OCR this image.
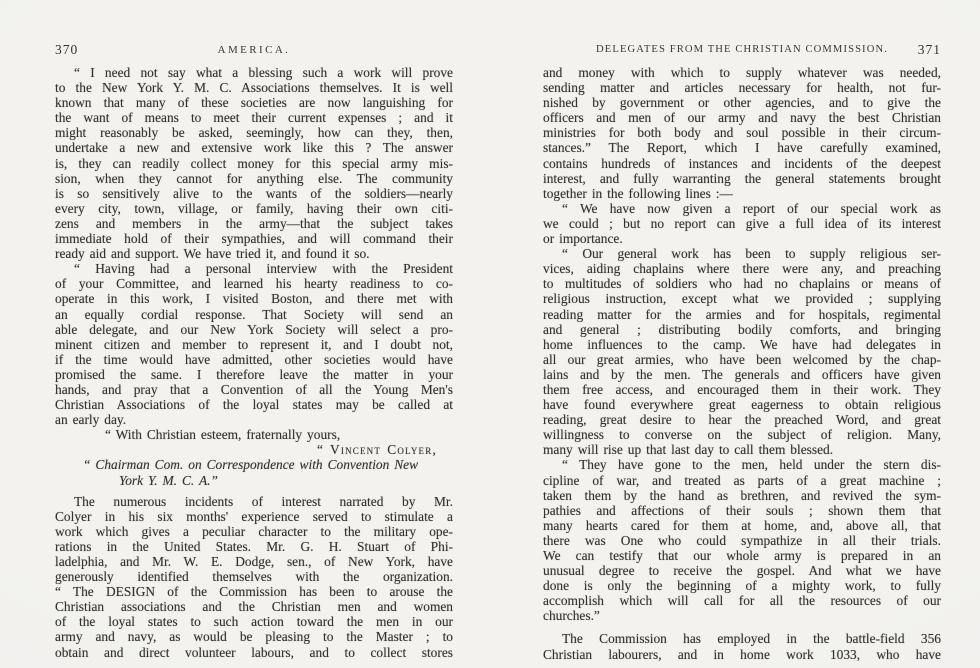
370	AMERICA.
“ I need not say what a blessing such a work will prove
to the New York Y. M. C. Associations themselves. It is well
known that many of these societies are now languishing for
the want of means to meet their current expenses ; and it
might reasonably be asked, seemingly, how can they, then,
undertake a new and extensive work like this ? The answer
is, they can readily collect money for this special army mis-
sion, when they cannot for anything else. The community
is so sensitively alive to the wants of the soldiers—nearly
every city, town, village, or family, having their own citi-
zens and members in the army—that the subject takes
immediate hold of their sympathies, and will command their
ready aid and support. We have tried it, and found it so.
“ Having had a personal interview with the President
of your Committee, and learned his hearty readiness to co-
operate in this work, I visited Boston, and there met with
an equally cordial response. That Society will send an
able delegate, and our New York Society will select a pro-
minent citizen and member to represent it, and I doubt not,
if the time would have admitted, other societies would have
promised the same. I therefore leave the matter in your
hands, and pray that a Convention of all the Young Men's
Christian Associations of the loyal states may be called at
an early day.
“ With Christian esteem, fraternally yours,
“ Vincent Colyer,
“ Chairman Com. on Correspondence with Convention New
York Y. M. C. A.”
The numerous incidents of interest narrated by Mr.
Colyer in his six months' experience served to stimulate a
work which gives a peculiar character to the military ope-
rations in the United States. Mr. G. H. Stuart of Phi-
ladelphia, and Mr. W. E. Dodge, sen., of New York, have
generously identified themselves with the organization.
“ The DESIGN of the Commission has been to arouse the
Christian associations and the Christian men and women
of the loyal states to such action toward the men in our
army and navy, as would be pleasing to the Master ; to
obtain and direct volunteer labours, and to collect stores
DELEGATES FROM THE CHRISTIAN COMMISSION.	371
and money with which to supply whatever was needed,
sending matter and articles necessary for health, not fur-
nished by government or other agencies, and to give the
officers and men of our army and navy the best Christian
ministries for both body and soul possible in their circum-
stances.” The Report, which I have carefully examined,
contains hundreds of instances and incidents of the deepest
interest, and fully warranting the general statements brought
together in the following lines :—
“ We have now given a report of our special work as
we could ; but no report can give a full idea of its interest
or importance.
“ Our general work has been to supply religious ser-
vices, aiding chaplains where there were any, and preaching
to multitudes of soldiers who had no chaplains or means of
religious instruction, except what we provided ; supplying
reading matter for the armies and for hospitals, regimental
and general ; distributing bodily comforts, and bringing
home influences to the camp. We have had delegates in
all our great armies, who have been welcomed by the chap-
lains and by the men. The generals and officers have given
them free access, and encouraged them in their work. They
have found everywhere great eagerness to obtain religious
reading, great desire to hear the preached Word, and great
willingness to converse on the subject of religion. Many,
many will rise up that last day to call them blessed.
“ They have gone to the men, held under the stern dis-
cipline of war, and treated as parts of a great machine ;
taken them by the hand as brethren, and revived the sym-
pathies and affections of their souls ; shown them that
many hearts cared for them at home, and, above all, that
there was One who could sympathize in all their trials.
We can testify that our whole army is prepared in an
unusual degree to receive the gospel. And what we have
done is only the beginning of a mighty work, to fully
accomplish which will call for all the resources of our
churches.”
The Commission has employed in the battle-field 356
Christian labourers, and in home work 1033, who have
